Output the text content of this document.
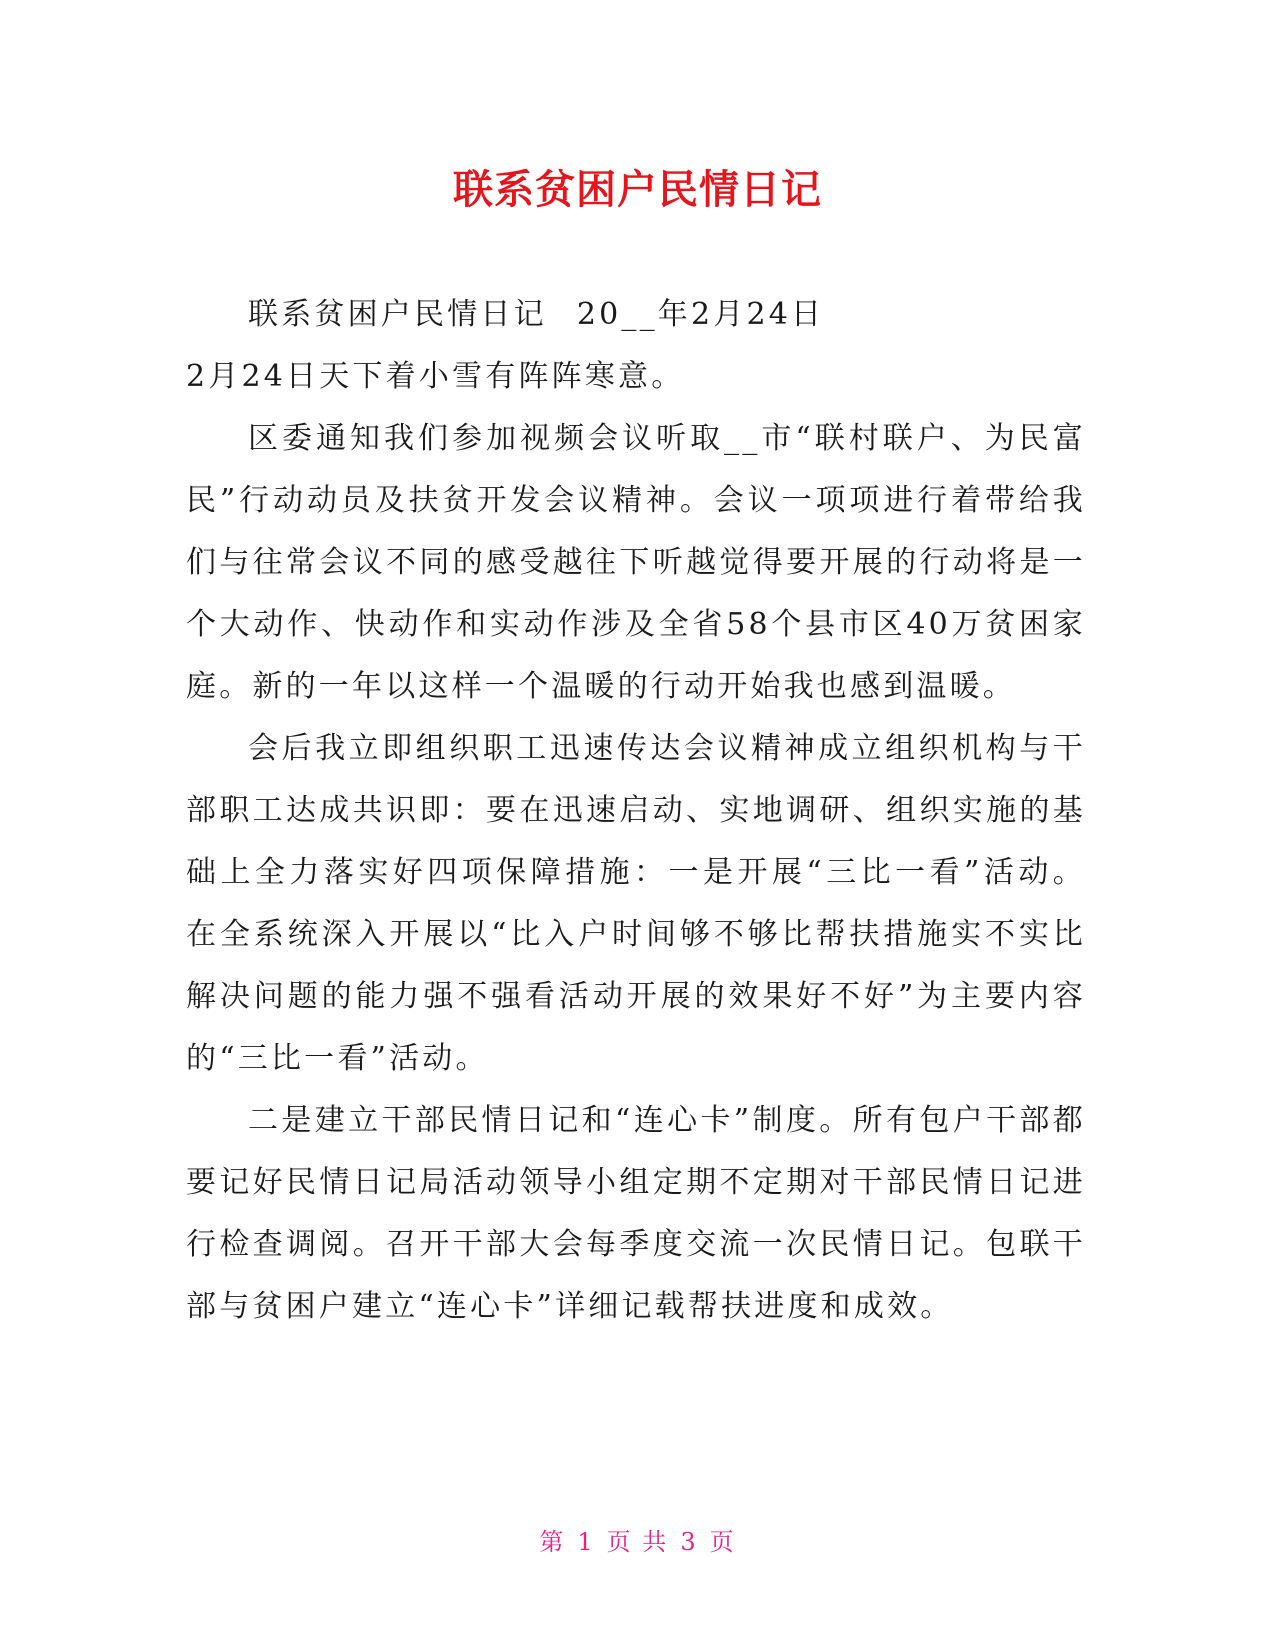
联系贫困户民情日记

联系贫困户民情日记 20__年2月24日

2月24日天下着小雪有阵阵寒意。

区委通知我们参加视频会议听取__市“联村联户、为民富民”行动动员及扶贫开发会议精神。会议一项项进行着带给我们与往常会议不同的感受越往下听越觉得要开展的行动将是一个大动作、快动作和实动作涉及全省58个县市区40万贫困家庭。新的一年以这样一个温暖的行动开始我也感到温暖。

会后我立即组织职工迅速传达会议精神成立组织机构与干部职工达成共识即：要在迅速启动、实地调研、组织实施的基础上全力落实好四项保障措施：一是开展“三比一看”活动。在全系统深入开展以“比入户时间够不够比帮扶措施实不实比解决问题的能力强不强看活动开展的效果好不好”为主要内容的“三比一看”活动。

二是建立干部民情日记和“连心卡”制度。所有包户干部都要记好民情日记局活动领导小组定期不定期对干部民情日记进行检查调阅。召开干部大会每季度交流一次民情日记。包联干部与贫困户建立“连心卡”详细记载帮扶进度和成效。

第 1 页 共 3 页
